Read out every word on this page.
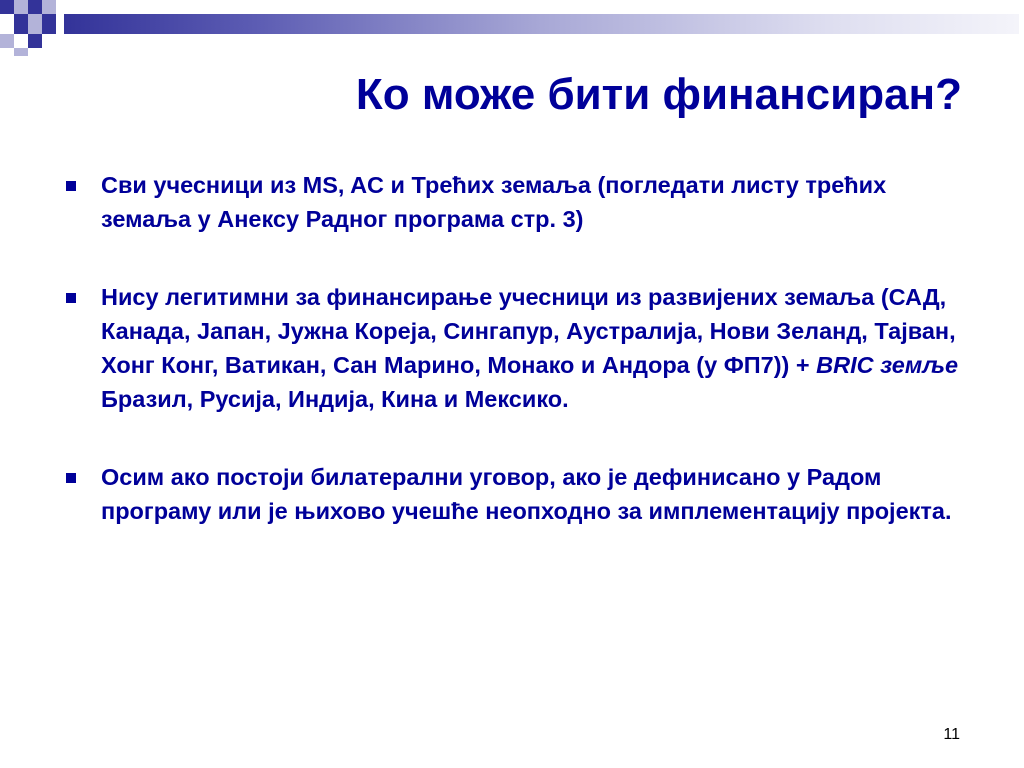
Ко може бити финансиран?
Сви учесници из MS, AC и Трећих земаља (погледати листу трећих земаља у Анексу Радног програма стр. 3)
Нису легитимни за финансирање учесници из развијених земаља (САД, Канада, Јапан, Јужна Кореја, Сингапур, Аустралија, Нови Зеланд, Тајван, Хонг Конг, Ватикан, Сан Марино, Монако и Андора (у ФП7)) + BRIC земље Бразил, Русија, Индија, Кина и Мексико.
Осим ако постоји билатерални уговор, ако је дефинисано у Радом програму или је њихово учешће неопходно за имплементацију пројекта.
11
